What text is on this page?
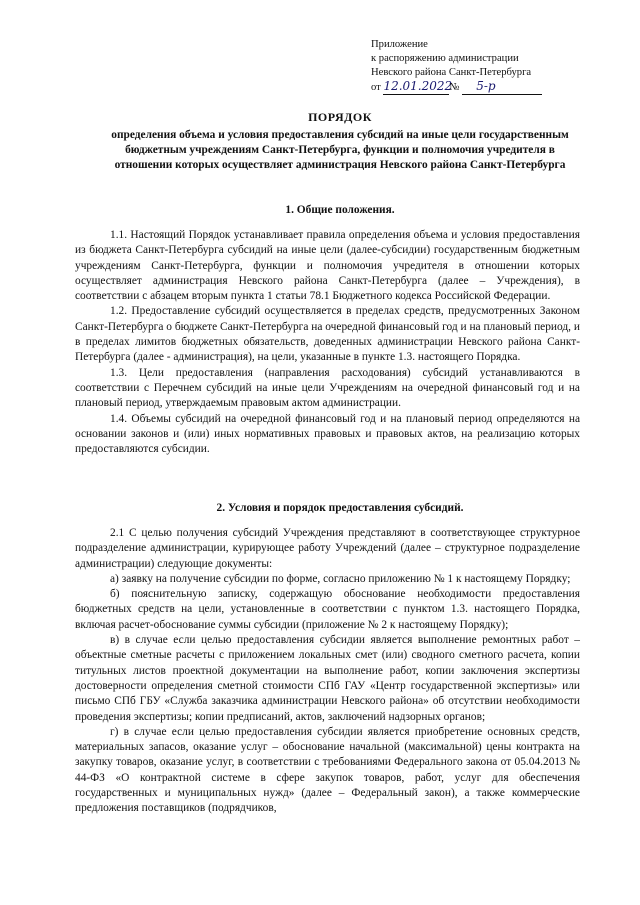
Приложение
к распоряжению администрации
Невского района Санкт-Петербурга
от 12.01.2022№ 5-р
ПОРЯДОК
определения объема и условия предоставления субсидий на иные цели государственным бюджетным учреждениям Санкт-Петербурга, функции и полномочия учредителя в отношении которых осуществляет администрация Невского района Санкт-Петербурга
1. Общие положения.

1.1. Настоящий Порядок устанавливает правила определения объема и условия предоставления из бюджета Санкт-Петербурга субсидий на иные цели (далее-субсидии) государственным бюджетным учреждениям Санкт-Петербурга, функции и полномочия учредителя в отношении которых осуществляет администрация Невского района Санкт-Петербурга (далее – Учреждения), в соответствии с абзацем вторым пункта 1 статьи 78.1 Бюджетного кодекса Российской Федерации.

1.2. Предоставление субсидий осуществляется в пределах средств, предусмотренных Законом Санкт-Петербурга о бюджете Санкт-Петербурга на очередной финансовый год и на плановый период, и в пределах лимитов бюджетных обязательств, доведенных администрации Невского района Санкт-Петербурга (далее - администрация), на цели, указанные в пункте 1.3. настоящего Порядка.

1.3. Цели предоставления (направления расходования) субсидий устанавливаются в соответствии с Перечнем субсидий на иные цели Учреждениям на очередной финансовый год и на плановый период, утверждаемым правовым актом администрации.

1.4. Объемы субсидий на очередной финансовый год и на плановый период определяются на основании законов и (или) иных нормативных правовых и правовых актов, на реализацию которых предоставляются субсидии.

2. Условия и порядок предоставления субсидий.

2.1 С целью получения субсидий Учреждения представляют в соответствующее структурное подразделение администрации, курирующее работу Учреждений (далее – структурное подразделение администрации) следующие документы:

а) заявку на получение субсидии по форме, согласно приложению № 1 к настоящему Порядку;

б) пояснительную записку, содержащую обоснование необходимости предоставления бюджетных средств на цели, установленные в соответствии с пунктом 1.3. настоящего Порядка, включая расчет-обоснование суммы субсидии (приложение № 2 к настоящему Порядку);

в) в случае если целью предоставления субсидии является выполнение ремонтных работ – объектные сметные расчеты с приложением локальных смет (или) сводного сметного расчета, копии титульных листов проектной документации на выполнение работ, копии заключения экспертизы достоверности определения сметной стоимости СПб ГАУ «Центр государственной экспертизы» или письмо СПб ГБУ «Служба заказчика администрации Невского района» об отсутствии необходимости проведения экспертизы; копии предписаний, актов, заключений надзорных органов;

г) в случае если целью предоставления субсидии является приобретение основных средств, материальных запасов, оказание услуг – обоснование начальной (максимальной) цены контракта на закупку товаров, оказание услуг, в соответствии с требованиями Федерального закона от 05.04.2013 № 44-ФЗ «О контрактной системе в сфере закупок товаров, работ, услуг для обеспечения государственных и муниципальных нужд» (далее – Федеральный закон), а также коммерческие предложения поставщиков (подрядчиков,
